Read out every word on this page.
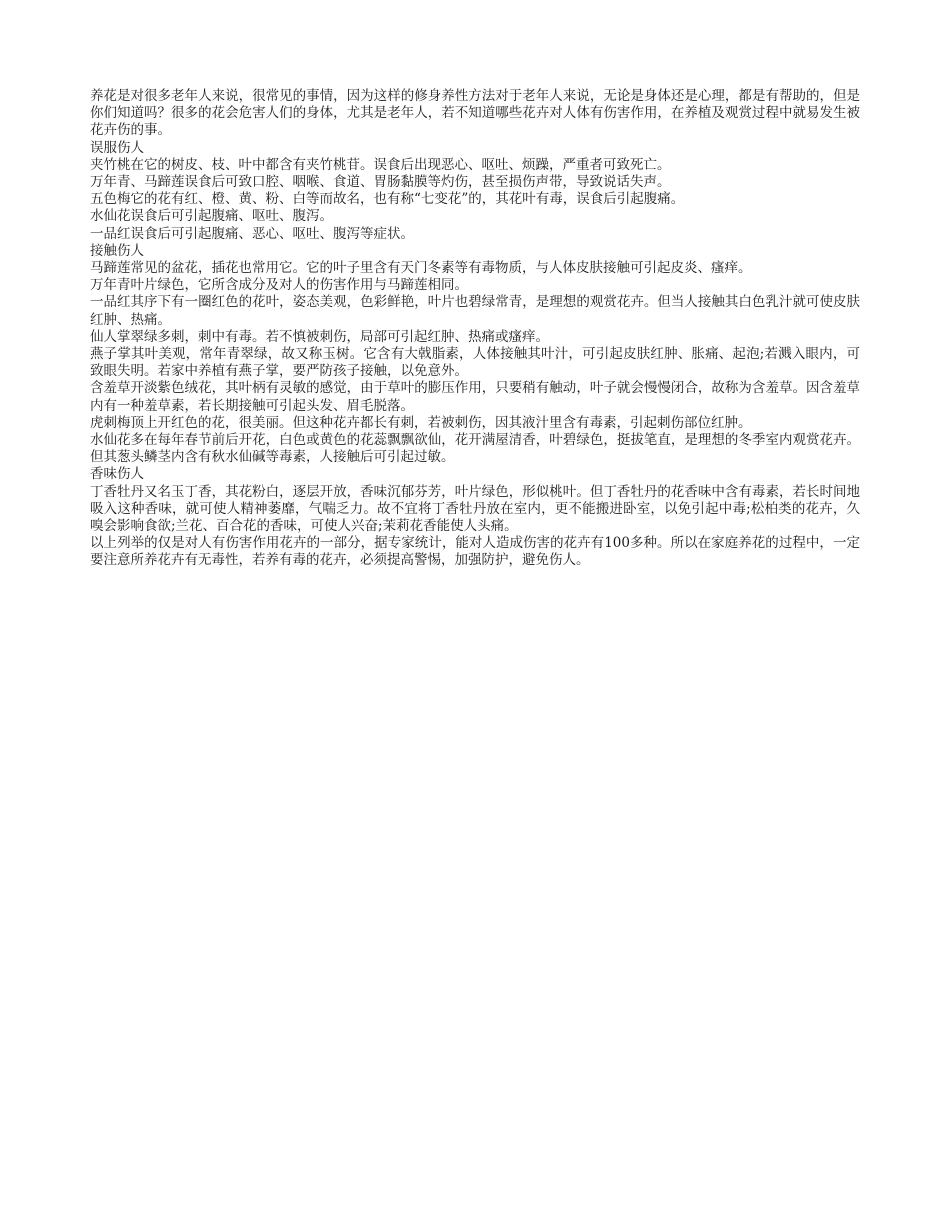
养花是对很多老年人来说，很常见的事情，因为这样的修身养性方法对于老年人来说，无论是身体还是心理，都是有帮助的，但是你们知道吗？很多的花会危害人们的身体，尤其是老年人，若不知道哪些花卉对人体有伤害作用，在养植及观赏过程中就易发生被花卉伤的事。

误服伤人

夹竹桃在它的树皮、枝、叶中都含有夹竹桃苷。误食后出现恶心、呕吐、烦躁，严重者可致死亡。

万年青、马蹄莲误食后可致口腔、咽喉、食道、胃肠黏膜等灼伤，甚至损伤声带，导致说话失声。

五色梅它的花有红、橙、黄、粉、白等而故名，也有称“七变花”的，其花叶有毒，误食后引起腹痛。

水仙花误食后可引起腹痛、呕吐、腹泻。

一品红误食后可引起腹痛、恶心、呕吐、腹泻等症状。

接触伤人

马蹄莲常见的盆花，插花也常用它。它的叶子里含有天门冬素等有毒物质，与人体皮肤接触可引起皮炎、瘙痒。

万年青叶片绿色，它所含成分及对人的伤害作用与马蹄莲相同。

一品红其序下有一圈红色的花叶，姿态美观，色彩鲜艳，叶片也碧绿常青，是理想的观赏花卉。但当人接触其白色乳汁就可使皮肤红肿、热痛。

仙人掌翠绿多刺，刺中有毒。若不慎被刺伤，局部可引起红肿、热痛或瘙痒。

燕子掌其叶美观，常年青翠绿，故又称玉树。它含有大戟脂素，人体接触其叶汁，可引起皮肤红肿、胀痛、起泡;若溅入眼内，可致眼失明。若家中养植有燕子掌，要严防孩子接触，以免意外。

含羞草开淡紫色绒花，其叶柄有灵敏的感觉，由于草叶的膨压作用，只要稍有触动，叶子就会慢慢闭合，故称为含羞草。因含羞草内有一种羞草素，若长期接触可引起头发、眉毛脱落。

虎刺梅顶上开红色的花，很美丽。但这种花卉都长有刺，若被刺伤，因其液汁里含有毒素，引起刺伤部位红肿。

水仙花多在每年春节前后开花，白色或黄色的花蕊飘飘欲仙，花开满屋清香，叶碧绿色，挺拔笔直，是理想的冬季室内观赏花卉。但其葱头鳞茎内含有秋水仙碱等毒素，人接触后可引起过敏。

香味伤人

丁香牡丹又名玉丁香，其花粉白，逐层开放，香味沉郁芬芳，叶片绿色，形似桃叶。但丁香牡丹的花香味中含有毒素，若长时间地吸入这种香味，就可使人精神萎靡，气喘乏力。故不宜将丁香牡丹放在室内，更不能搬进卧室，以免引起中毒;松柏类的花卉，久嗅会影响食欲;兰花、百合花的香味，可使人兴奋;茉莉花香能使人头痛。

以上列举的仅是对人有伤害作用花卉的一部分，据专家统计，能对人造成伤害的花卉有100多种。所以在家庭养花的过程中，一定要注意所养花卉有无毒性，若养有毒的花卉，必须提高警惕，加强防护，避免伤人。
